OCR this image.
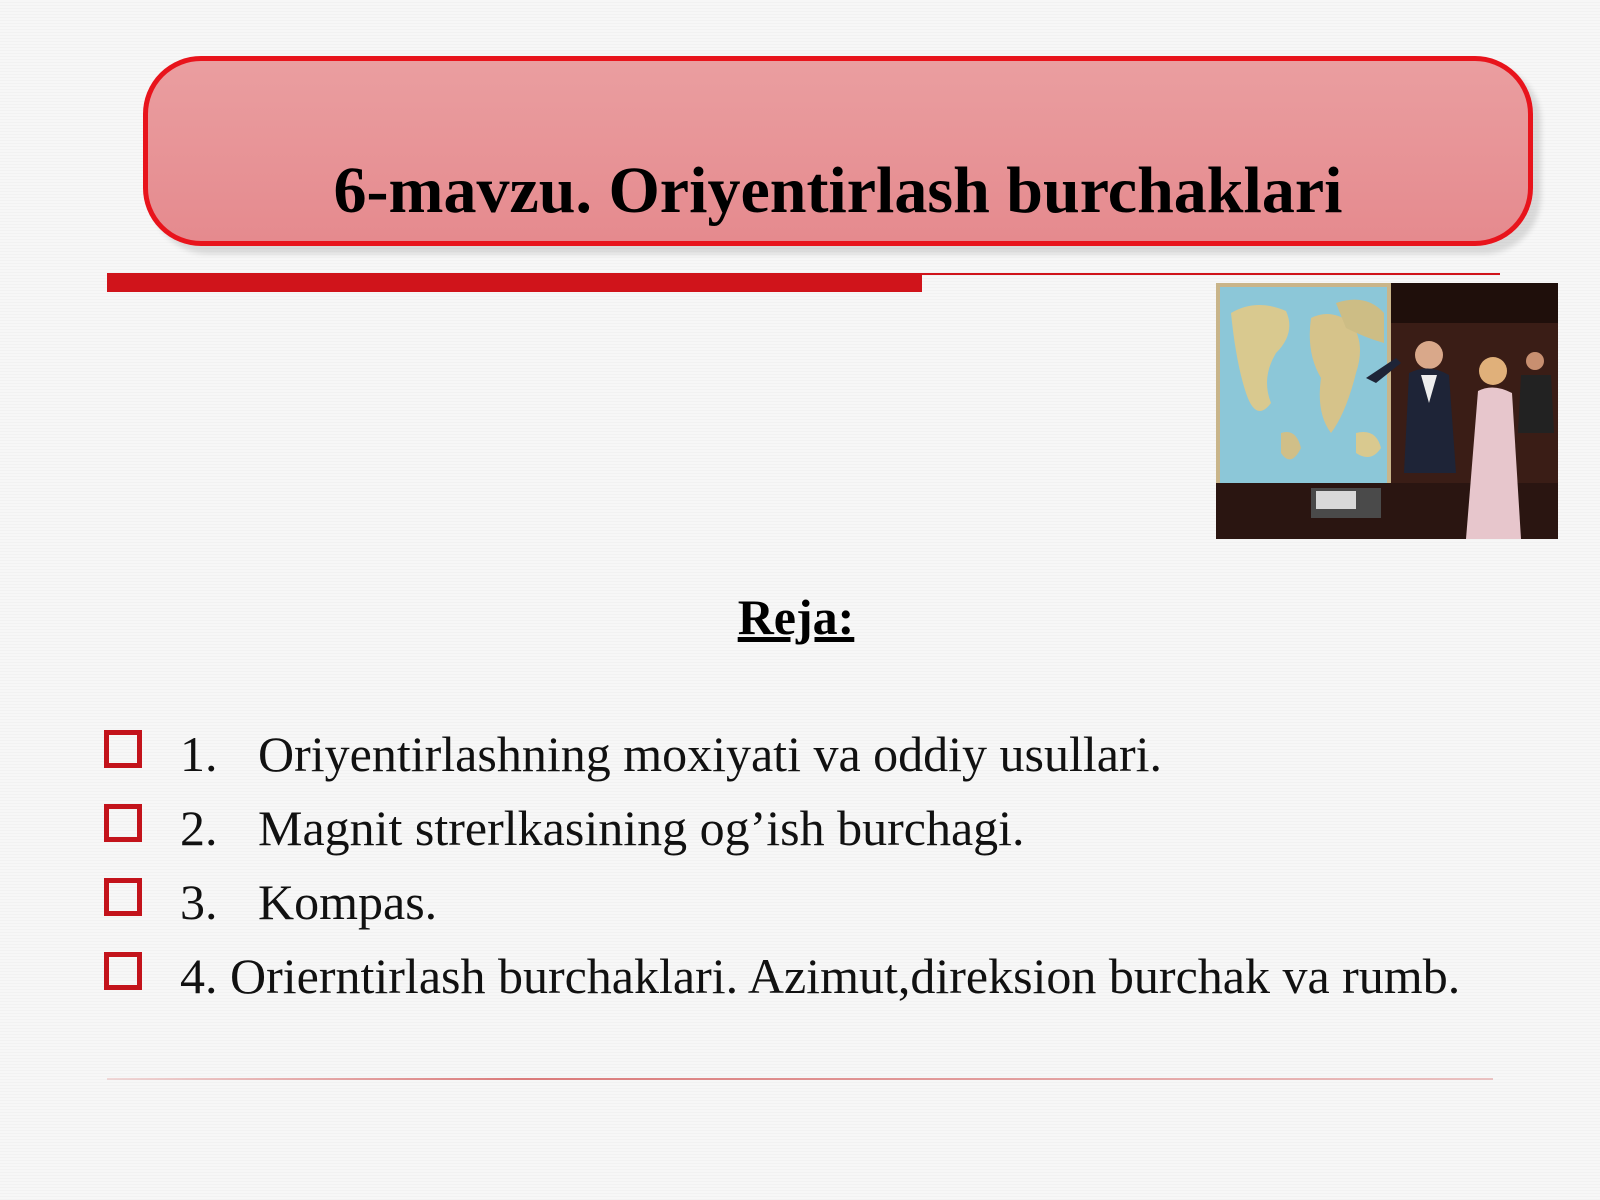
6-mavzu. Oriyentirlash burchaklari
Reja:
1. Oriyentirlashning moxiyati va oddiy usullari.
2. Magnit strerlkasining og’ish burchagi.
3. Kompas.
4. Orierntirlash burchaklari. Azimut,direksion burchak va rumb.
